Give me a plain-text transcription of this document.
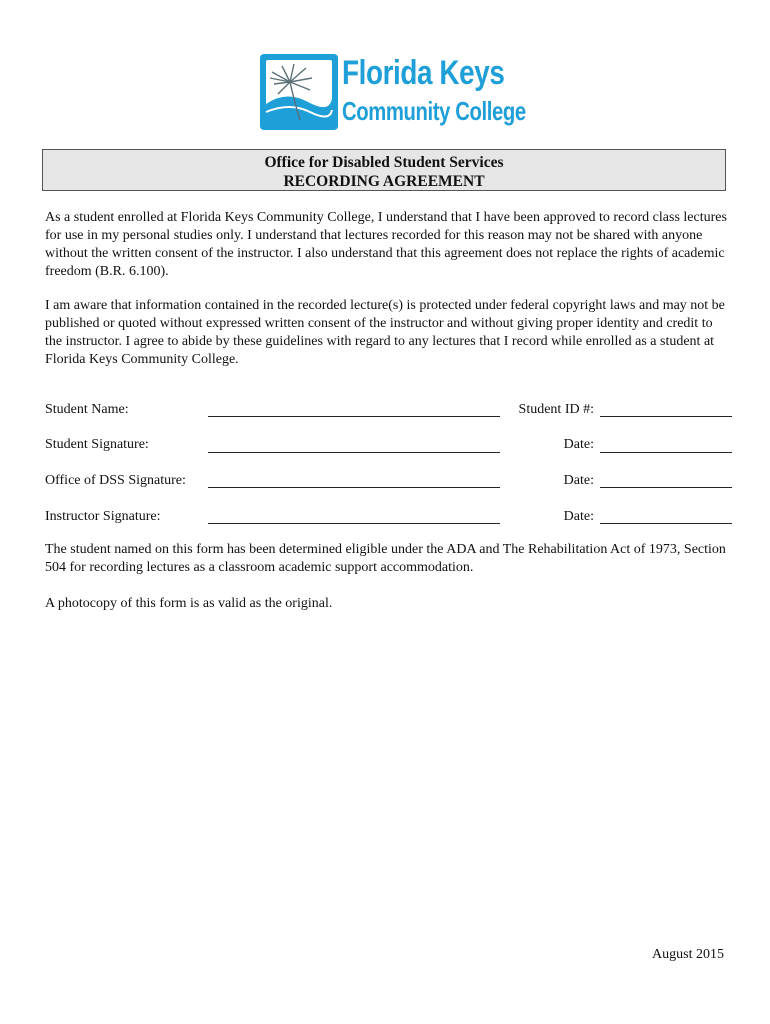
Florida Keys
Community College
Office for Disabled Student Services
RECORDING AGREEMENT

As a student enrolled at Florida Keys Community College, I understand that I have been approved to record class lectures for use in my personal studies only. I understand that lectures recorded for this reason may not be shared with anyone without the written consent of the instructor. I also understand that this agreement does not replace the rights of academic freedom (B.R. 6.100).

I am aware that information contained in the recorded lecture(s) is protected under federal copyright laws and may not be published or quoted without expressed written consent of the instructor and without giving proper identity and credit to the instructor. I agree to abide by these guidelines with regard to any lectures that I record while enrolled as a student at Florida Keys Community College.

Student Name:	Student ID #:
Student Signature:	Date:
Office of DSS Signature:	Date:
Instructor Signature:	Date:

The student named on this form has been determined eligible under the ADA and The Rehabilitation Act of 1973, Section 504 for recording lectures as a classroom academic support accommodation.

A photocopy of this form is as valid as the original.

August 2015
